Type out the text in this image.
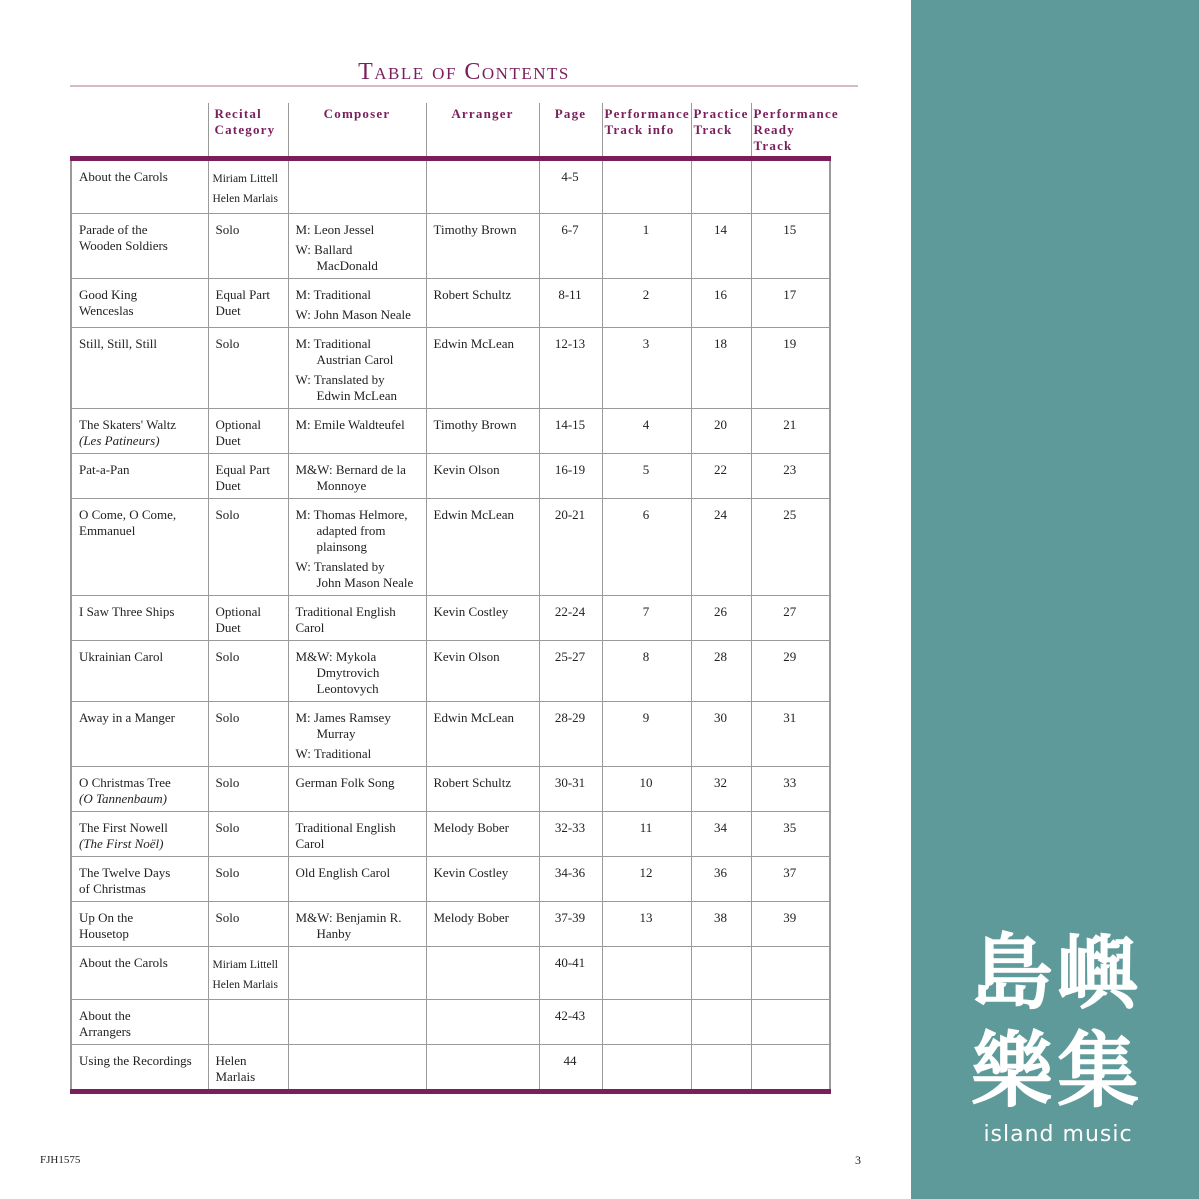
島嶼
樂集
island music
Table of Contents
	Recital Category	Composer	Arranger	Page	Performance Track info	Practice Track	Performance Ready Track

About the Carols	Miriam Littell
Helen Marlais			4-5			

Parade of the
Wooden Soldiers	Solo	M: Leon Jessel
W: Ballard
MacDonald	Timothy Brown	6-7	1	14	15

Good King
Wenceslas	Equal Part
Duet	M: Traditional
W: John Mason Neale	Robert Schultz	8-11	2	16	17

Still, Still, Still	Solo	M: Traditional
Austrian Carol
W: Translated by
Edwin McLean	Edwin McLean	12-13	3	18	19

The Skaters' Waltz
(Les Patineurs)	Optional
Duet	M: Emile Waldteufel	Timothy Brown	14-15	4	20	21

Pat-a-Pan	Equal Part
Duet	M&W: Bernard de la
Monnoye	Kevin Olson	16-19	5	22	23

O Come, O Come,
Emmanuel	Solo	M: Thomas Helmore,
adapted from
plainsong
W: Translated by
John Mason Neale	Edwin McLean	20-21	6	24	25

I Saw Three Ships	Optional
Duet	Traditional English
Carol	Kevin Costley	22-24	7	26	27

Ukrainian Carol	Solo	M&W: Mykola
Dmytrovich
Leontovych	Kevin Olson	25-27	8	28	29

Away in a Manger	Solo	M: James Ramsey
Murray
W: Traditional	Edwin McLean	28-29	9	30	31

O Christmas Tree
(O Tannenbaum)	Solo	German Folk Song	Robert Schultz	30-31	10	32	33

The First Nowell
(The First Noël)	Solo	Traditional English
Carol	Melody Bober	32-33	11	34	35

The Twelve Days
of Christmas	Solo	Old English Carol	Kevin Costley	34-36	12	36	37

Up On the
Housetop	Solo	M&W: Benjamin R.
Hanby	Melody Bober	37-39	13	38	39

About the Carols	Miriam Littell
Helen Marlais			40-41			

About the
Arrangers				42-43			

Using the Recordings	Helen
Marlais			44			
FJH1575	3
